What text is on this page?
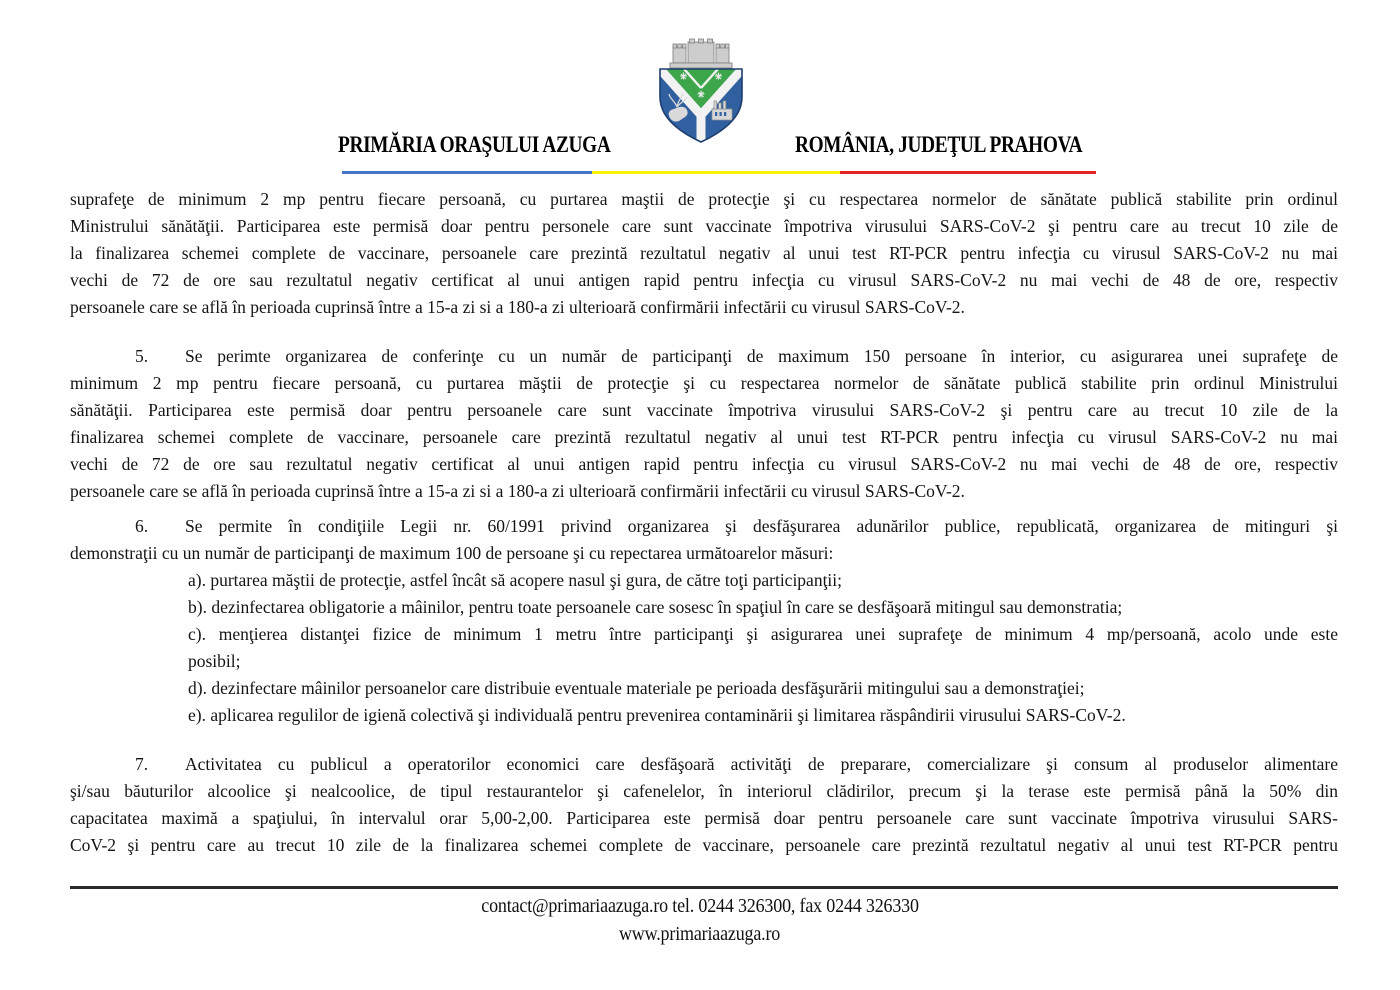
PRIMĂRIA ORAŞULUI AZUGA	ROMÂNIA, JUDEŢUL PRAHOVA
suprafeţe de minimum 2 mp pentru fiecare persoană, cu purtarea maştii de protecţie şi cu respectarea normelor de sănătate publică stabilite prin ordinul
Ministrului sănătăţii. Participarea este permisă doar pentru personele care sunt vaccinate împotriva virusului SARS-CoV-2 şi pentru care au trecut 10 zile de
la finalizarea schemei complete de vaccinare, persoanele care prezintă rezultatul negativ al unui test RT-PCR pentru infecţia cu virusul SARS-CoV-2 nu mai
vechi de 72 de ore sau rezultatul negativ certificat al unui antigen rapid pentru infecţia cu virusul SARS-CoV-2 nu mai vechi de 48 de ore, respectiv
persoanele care se află în perioada cuprinsă între a 15-a zi si a 180-a zi ulterioară confirmării infectării cu virusul SARS-CoV-2.
5. Se perimte organizarea de conferinţe cu un număr de participanţi de maximum 150 persoane în interior, cu asigurarea unei suprafeţe de
minimum 2 mp pentru fiecare persoană, cu purtarea măştii de protecţie şi cu respectarea normelor de sănătate publică stabilite prin ordinul Ministrului
sănătăţii. Participarea este permisă doar pentru persoanele care sunt vaccinate împotriva virusului SARS-CoV-2 şi pentru care au trecut 10 zile de la
finalizarea schemei complete de vaccinare, persoanele care prezintă rezultatul negativ al unui test RT-PCR pentru infecţia cu virusul SARS-CoV-2 nu mai
vechi de 72 de ore sau rezultatul negativ certificat al unui antigen rapid pentru infecţia cu virusul SARS-CoV-2 nu mai vechi de 48 de ore, respectiv
persoanele care se află în perioada cuprinsă între a 15-a zi si a 180-a zi ulterioară confirmării infectării cu virusul SARS-CoV-2.
6. Se permite în condiţiile Legii nr. 60/1991 privind organizarea şi desfăşurarea adunărilor publice, republicată, organizarea de mitinguri şi
demonstraţii cu un număr de participanţi de maximum 100 de persoane şi cu repectarea următoarelor măsuri:
a). purtarea măştii de protecţie, astfel încât să acopere nasul şi gura, de către toţi participanţii;
b). dezinfectarea obligatorie a mâinilor, pentru toate persoanele care sosesc în spaţiul în care se desfăşoară mitingul sau demonstratia;
c). menţierea distanţei fizice de minimum 1 metru între participanţi şi asigurarea unei suprafeţe de minimum 4 mp/persoană, acolo unde este
posibil;
d). dezinfectare mâinilor persoanelor care distribuie eventuale materiale pe perioada desfăşurării mitingului sau a demonstraţiei;
e). aplicarea regulilor de igienă colectivă şi individuală pentru prevenirea contaminării şi limitarea răspândirii virusului SARS-CoV-2.
7. Activitatea cu publicul a operatorilor economici care desfăşoară activităţi de preparare, comercializare şi consum al produselor alimentare
şi/sau băuturilor alcoolice şi nealcoolice, de tipul restaurantelor şi cafenelelor, în interiorul clădirilor, precum şi la terase este permisă până la 50% din
capacitatea maximă a spaţiului, în intervalul orar 5,00-2,00. Participarea este permisă doar pentru persoanele care sunt vaccinate împotriva virusului SARS-
CoV-2 şi pentru care au trecut 10 zile de la finalizarea schemei complete de vaccinare, persoanele care prezintă rezultatul negativ al unui test RT-PCR pentru
contact@primariaazuga.ro tel. 0244 326300, fax 0244 326330
www.primariaazuga.ro
